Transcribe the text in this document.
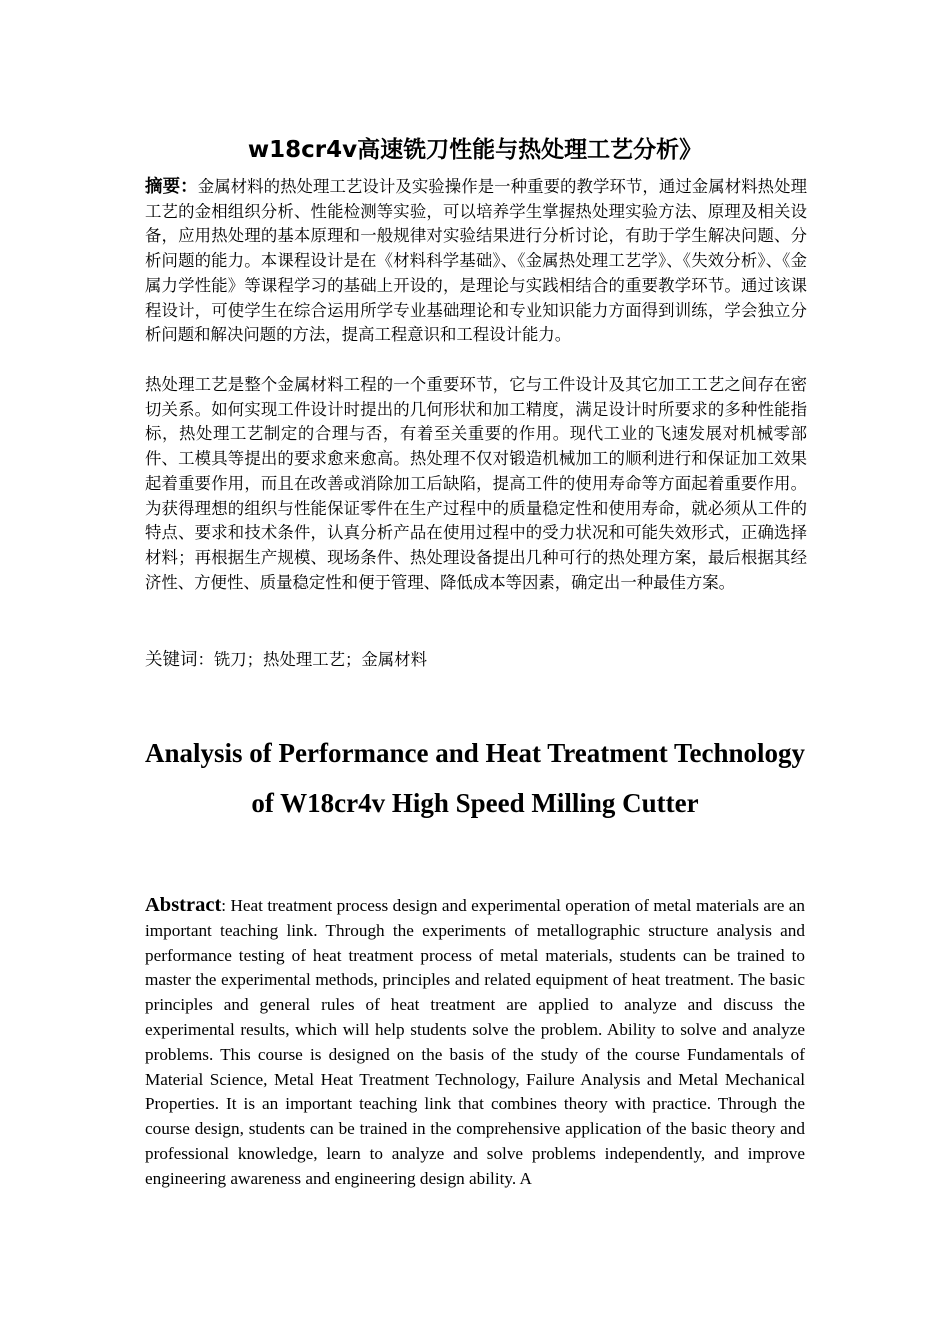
w18cr4v高速铣刀性能与热处理工艺分析》

摘要：金属材料的热处理工艺设计及实验操作是一种重要的教学环节，通过金属材料热处理工艺的金相组织分析、性能检测等实验，可以培养学生掌握热处理实验方法、原理及相关设备，应用热处理的基本原理和一般规律对实验结果进行分析讨论，有助于学生解决问题、分析问题的能力。本课程设计是在《材料科学基础》、《金属热处理工艺学》、《失效分析》、《金属力学性能》等课程学习的基础上开设的，是理论与实践相结合的重要教学环节。通过该课程设计，可使学生在综合运用所学专业基础理论和专业知识能力方面得到训练，学会独立分析问题和解决问题的方法，提高工程意识和工程设计能力。

热处理工艺是整个金属材料工程的一个重要环节，它与工件设计及其它加工工艺之间存在密切关系。如何实现工件设计时提出的几何形状和加工精度，满足设计时所要求的多种性能指标，热处理工艺制定的合理与否，有着至关重要的作用。现代工业的飞速发展对机械零部件、工模具等提出的要求愈来愈高。热处理不仅对锻造机械加工的顺利进行和保证加工效果起着重要作用，而且在改善或消除加工后缺陷，提高工件的使用寿命等方面起着重要作用。为获得理想的组织与性能保证零件在生产过程中的质量稳定性和使用寿命，就必须从工件的特点、要求和技术条件，认真分析产品在使用过程中的受力状况和可能失效形式，正确选择材料；再根据生产规模、现场条件、热处理设备提出几种可行的热处理方案，最后根据其经济性、方便性、质量稳定性和便于管理、降低成本等因素，确定出一种最佳方案。

关键词：铣刀；热处理工艺；金属材料

Analysis of Performance and Heat Treatment Technology
of W18cr4v High Speed Milling Cutter

Abstract: Heat treatment process design and experimental operation of metal materials are an important teaching link. Through the experiments of metallographic structure analysis and performance testing of heat treatment process of metal materials, students can be trained to master the experimental methods, principles and related equipment of heat treatment. The basic principles and general rules of heat treatment are applied to analyze and discuss the experimental results, which will help students solve the problem. Ability to solve and analyze problems. This course is designed on the basis of the study of the course Fundamentals of Material Science, Metal Heat Treatment Technology, Failure Analysis and Metal Mechanical Properties. It is an important teaching link that combines theory with practice. Through the course design, students can be trained in the comprehensive application of the basic theory and professional knowledge, learn to analyze and solve problems independently, and improve engineering awareness and engineering design ability. A
